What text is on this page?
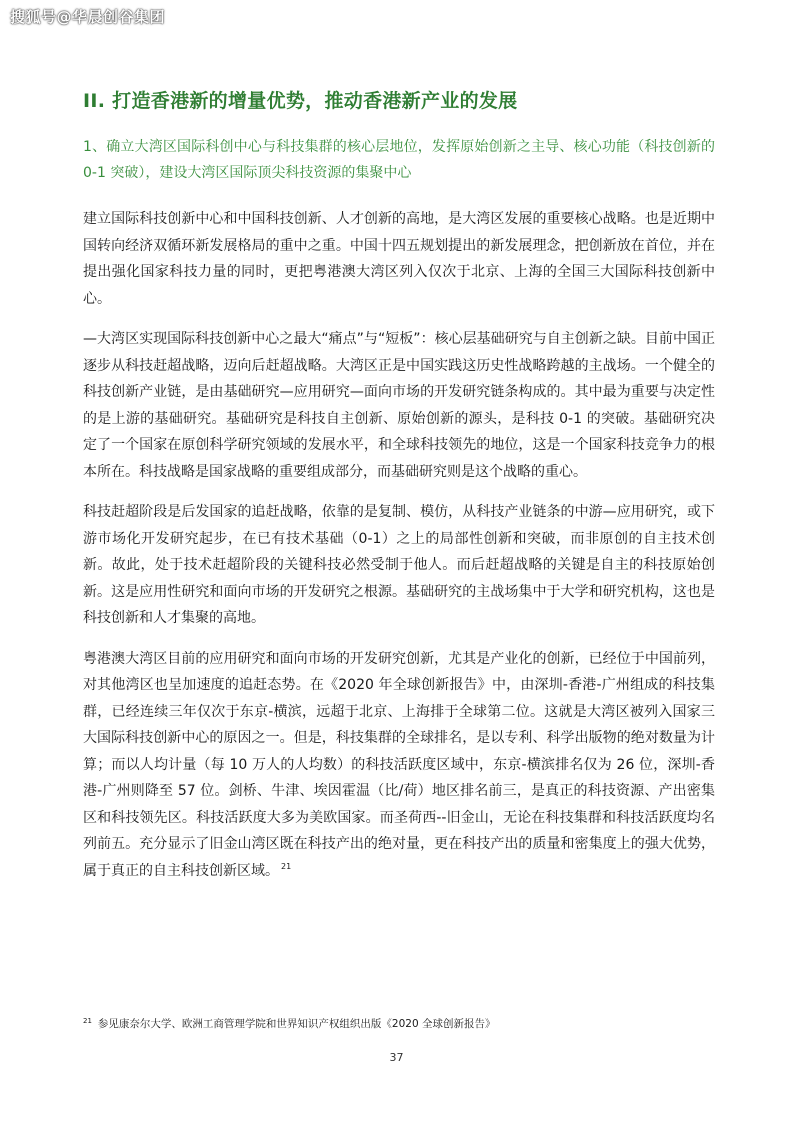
搜狐号@华晨创谷集团
II. 打造香港新的增量优势，推动香港新产业的发展

1、确立大湾区国际科创中心与科技集群的核心层地位，发挥原始创新之主导、核心功能（科技创新的 0-1 突破），建设大湾区国际顶尖科技资源的集聚中心

建立国际科技创新中心和中国科技创新、人才创新的高地，是大湾区发展的重要核心战略。也是近期中国转向经济双循环新发展格局的重中之重。中国十四五规划提出的新发展理念，把创新放在首位，并在提出强化国家科技力量的同时，更把粤港澳大湾区列入仅次于北京、上海的全国三大国际科技创新中心。

—大湾区实现国际科技创新中心之最大“痛点”与“短板”：核心层基础研究与自主创新之缺。目前中国正逐步从科技赶超战略，迈向后赶超战略。大湾区正是中国实践这历史性战略跨越的主战场。一个健全的科技创新产业链，是由基础研究—应用研究—面向市场的开发研究链条构成的。其中最为重要与决定性的是上游的基础研究。基础研究是科技自主创新、原始创新的源头，是科技 0-1 的突破。基础研究决定了一个国家在原创科学研究领域的发展水平，和全球科技领先的地位，这是一个国家科技竞争力的根本所在。科技战略是国家战略的重要组成部分，而基础研究则是这个战略的重心。

科技赶超阶段是后发国家的追赶战略，依靠的是复制、模仿，从科技产业链条的中游—应用研究，或下游市场化开发研究起步，在已有技术基础（0-1）之上的局部性创新和突破，而非原创的自主技术创新。故此，处于技术赶超阶段的关键科技必然受制于他人。而后赶超战略的关键是自主的科技原始创新。这是应用性研究和面向市场的开发研究之根源。基础研究的主战场集中于大学和研究机构，这也是科技创新和人才集聚的高地。

粤港澳大湾区目前的应用研究和面向市场的开发研究创新，尤其是产业化的创新，已经位于中国前列，对其他湾区也呈加速度的追赶态势。在《2020 年全球创新报告》中，由深圳-香港-广州组成的科技集群，已经连续三年仅次于东京-横滨，远超于北京、上海排于全球第二位。这就是大湾区被列入国家三大国际科技创新中心的原因之一。但是，科技集群的全球排名，是以专利、科学出版物的绝对数量为计算；而以人均计量（每 10 万人的人均数）的科技活跃度区域中，东京-横滨排名仅为 26 位，深圳-香港-广州则降至 57 位。剑桥、牛津、埃因霍温（比/荷）地区排名前三，是真正的科技资源、产出密集区和科技领先区。科技活跃度大多为美欧国家。而圣荷西--旧金山，无论在科技集群和科技活跃度均名列前五。充分显示了旧金山湾区既在科技产出的绝对量，更在科技产出的质量和密集度上的强大优势，属于真正的自主科技创新区域。 $^{21}$

$^{21}$ 参见康奈尔大学、欧洲工商管理学院和世界知识产权组织出版《2020 全球创新报告》
37
